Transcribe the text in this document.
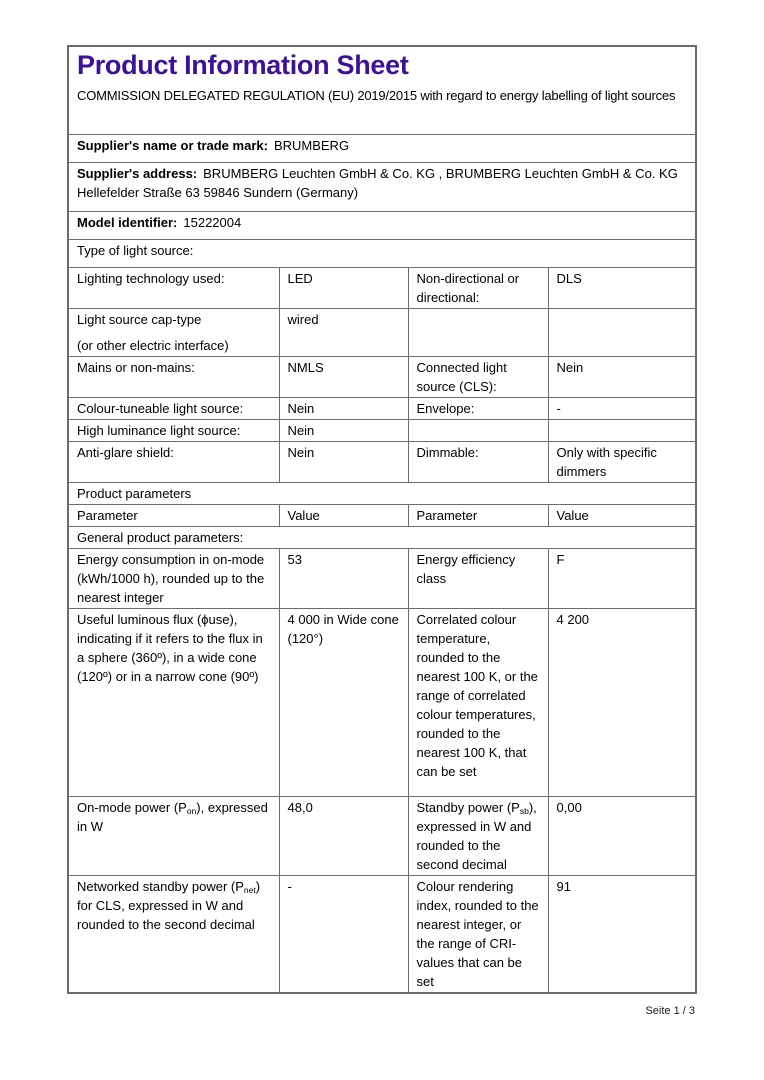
Product Information Sheet

COMMISSION DELEGATED REGULATION (EU) 2019/2015 with regard to energy labelling of light sources

Supplier's name or trade mark: BRUMBERG			
Supplier's address: BRUMBERG Leuchten GmbH & Co. KG , BRUMBERG Leuchten GmbH & Co. KG Hellefelder Straße 63 59846 Sundern (Germany)			
Model identifier: 15222004			
Type of light source:			

Lighting technology used:	LED	Non-directional or directional:	DLS

Light source cap-type

(or other electric interface)	wired		

Mains or non-mains:	NMLS	Connected light source (CLS):	Nein

Colour-tuneable light source:	Nein	Envelope:	-

High luminance light source:	Nein		

Anti-glare shield:	Nein	Dimmable:	Only with specific dimmers
Product parameters			
Parameter	Value	Parameter	Value
General product parameters:			
Energy consumption in on-mode (kWh/1000 h), rounded up to the nearest integer	53	Energy efficiency class	F
Useful luminous flux (ϕuse), indicating if it refers to the flux in a sphere (360º), in a wide cone (120º) or in a narrow cone (90º)	4 000 in Wide cone (120°)	Correlated colour temperature, rounded to the nearest 100 K, or the range of correlated colour temperatures, rounded to the nearest 100 K, that can be set	4 200
On-mode power $(P_{on})$, expressed in W	48,0	Standby power $(P_{sb})$, expressed in W and rounded to the second decimal	0,00
Networked standby power $(P_{net})$ for CLS, expressed in W and rounded to the second decimal	-	Colour rendering index, rounded to the nearest integer, or the range of CRI-values that can be set	91
Seite 1 / 3
